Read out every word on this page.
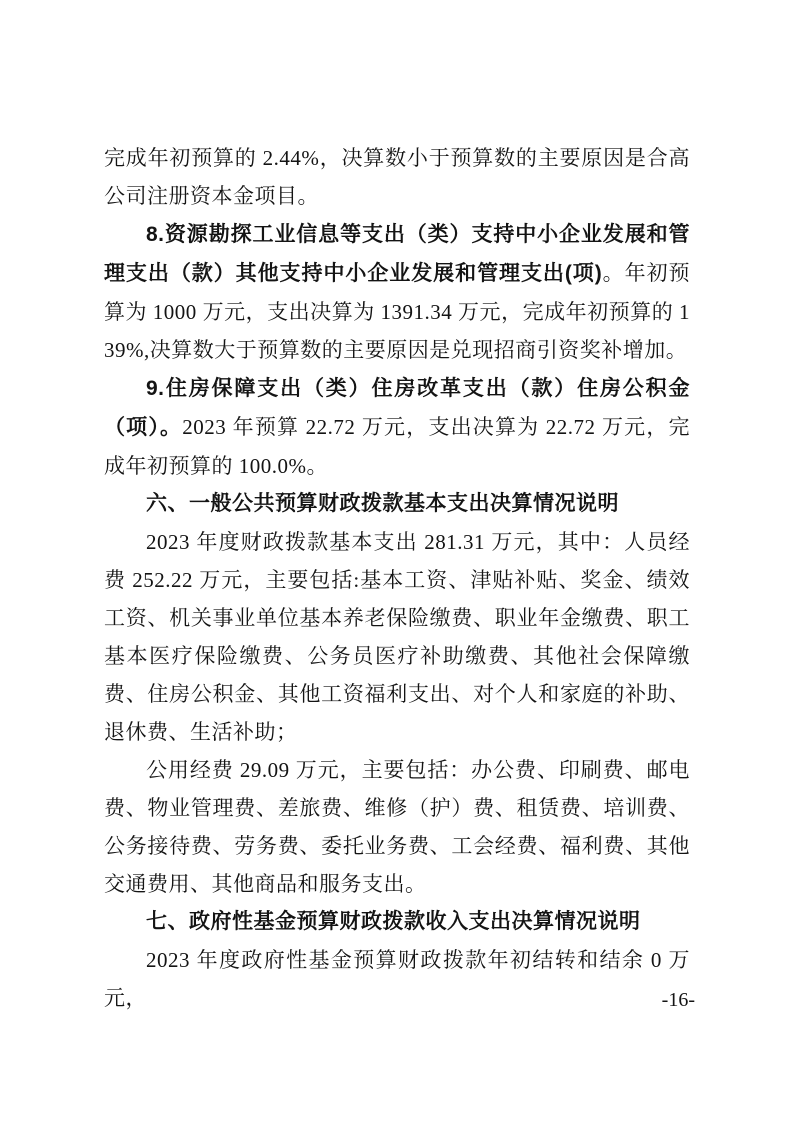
完成年初预算的 2.44%，决算数小于预算数的主要原因是合高公司注册资本金项目。

8.资源勘探工业信息等支出（类）支持中小企业发展和管理支出（款）其他支持中小企业发展和管理支出(项)。年初预算为 1000 万元，支出决算为 1391.34 万元，完成年初预算的 139%,决算数大于预算数的主要原因是兑现招商引资奖补增加。

9.住房保障支出（类）住房改革支出（款）住房公积金（项）。2023 年预算 22.72 万元，支出决算为 22.72 万元，完成年初预算的 100.0%。

六、一般公共预算财政拨款基本支出决算情况说明

2023 年度财政拨款基本支出 281.31 万元，其中：人员经费 252.22 万元，主要包括:基本工资、津贴补贴、奖金、绩效工资、机关事业单位基本养老保险缴费、职业年金缴费、职工基本医疗保险缴费、公务员医疗补助缴费、其他社会保障缴费、住房公积金、其他工资福利支出、对个人和家庭的补助、退休费、生活补助；

公用经费 29.09 万元，主要包括：办公费、印刷费、邮电费、物业管理费、差旅费、维修（护）费、租赁费、培训费、公务接待费、劳务费、委托业务费、工会经费、福利费、其他交通费用、其他商品和服务支出。

七、政府性基金预算财政拨款收入支出决算情况说明

2023 年度政府性基金预算财政拨款年初结转和结余 0 万元，	-16-
